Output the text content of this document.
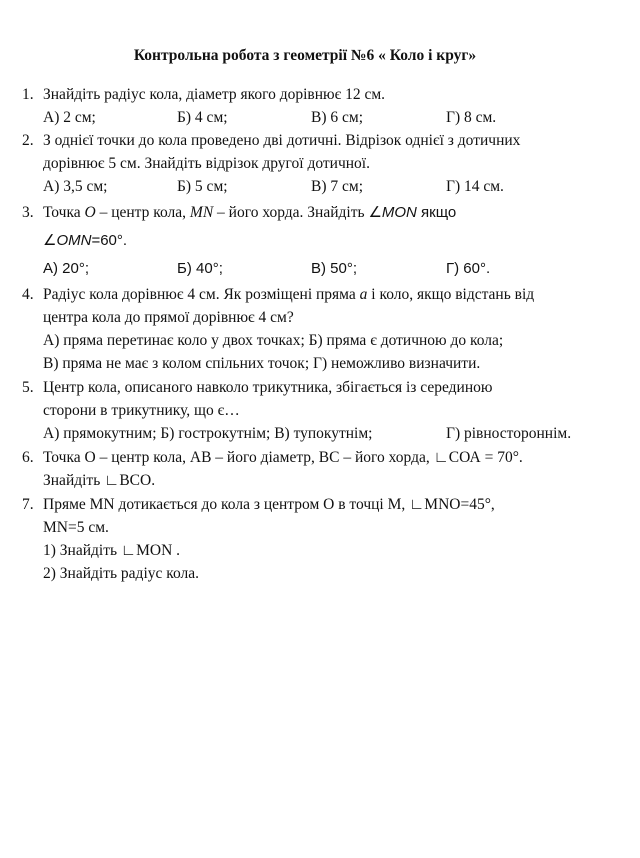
Контрольна робота з геометрії №6 « Коло і круг»
1. Знайдіть радіус кола, діаметр якого дорівнює 12 см.
А) 2 см;	Б) 4 см;	В) 6 см;	Г) 8 см.
2. З однієї точки до кола проведено дві дотичні. Відрізок однієї з дотичних
дорівнює 5 см. Знайдіть відрізок другої дотичної.
А) 3,5 см;	Б) 5 см;	В) 7 см;	Г) 14 см.
3. Точка O – центр кола, MN – його хорда. Знайдіть ∠MON якщо
∠OMN=60°.
А) 20°;	Б) 40°;	В) 50°;	Г) 60°.
4. Радіус кола дорівнює 4 см. Як розміщені пряма a і коло, якщо відстань від
центра кола до прямої дорівнює 4 см?
А) пряма перетинає коло у двох точках; Б) пряма є дотичною до кола;
В) пряма не має з колом спільних точок; Г) неможливо визначити.
5. Центр кола, описаного навколо трикутника, збігається із серединою
сторони в трикутнику, що є…
А) прямокутним; Б) гострокутнім; В) тупокутнім;	Г) рівностороннім.
6. Точка О – центр кола, АВ – його діаметр, ВС – його хорда, ∟СОА = 70°.
Знайдіть ∟ВСО.
7. Пряме MN дотикається до кола з центром О в точці М, ∟MNO=45°,
MN=5 см.
1) Знайдіть ∟MON .
2) Знайдіть радіус кола.
